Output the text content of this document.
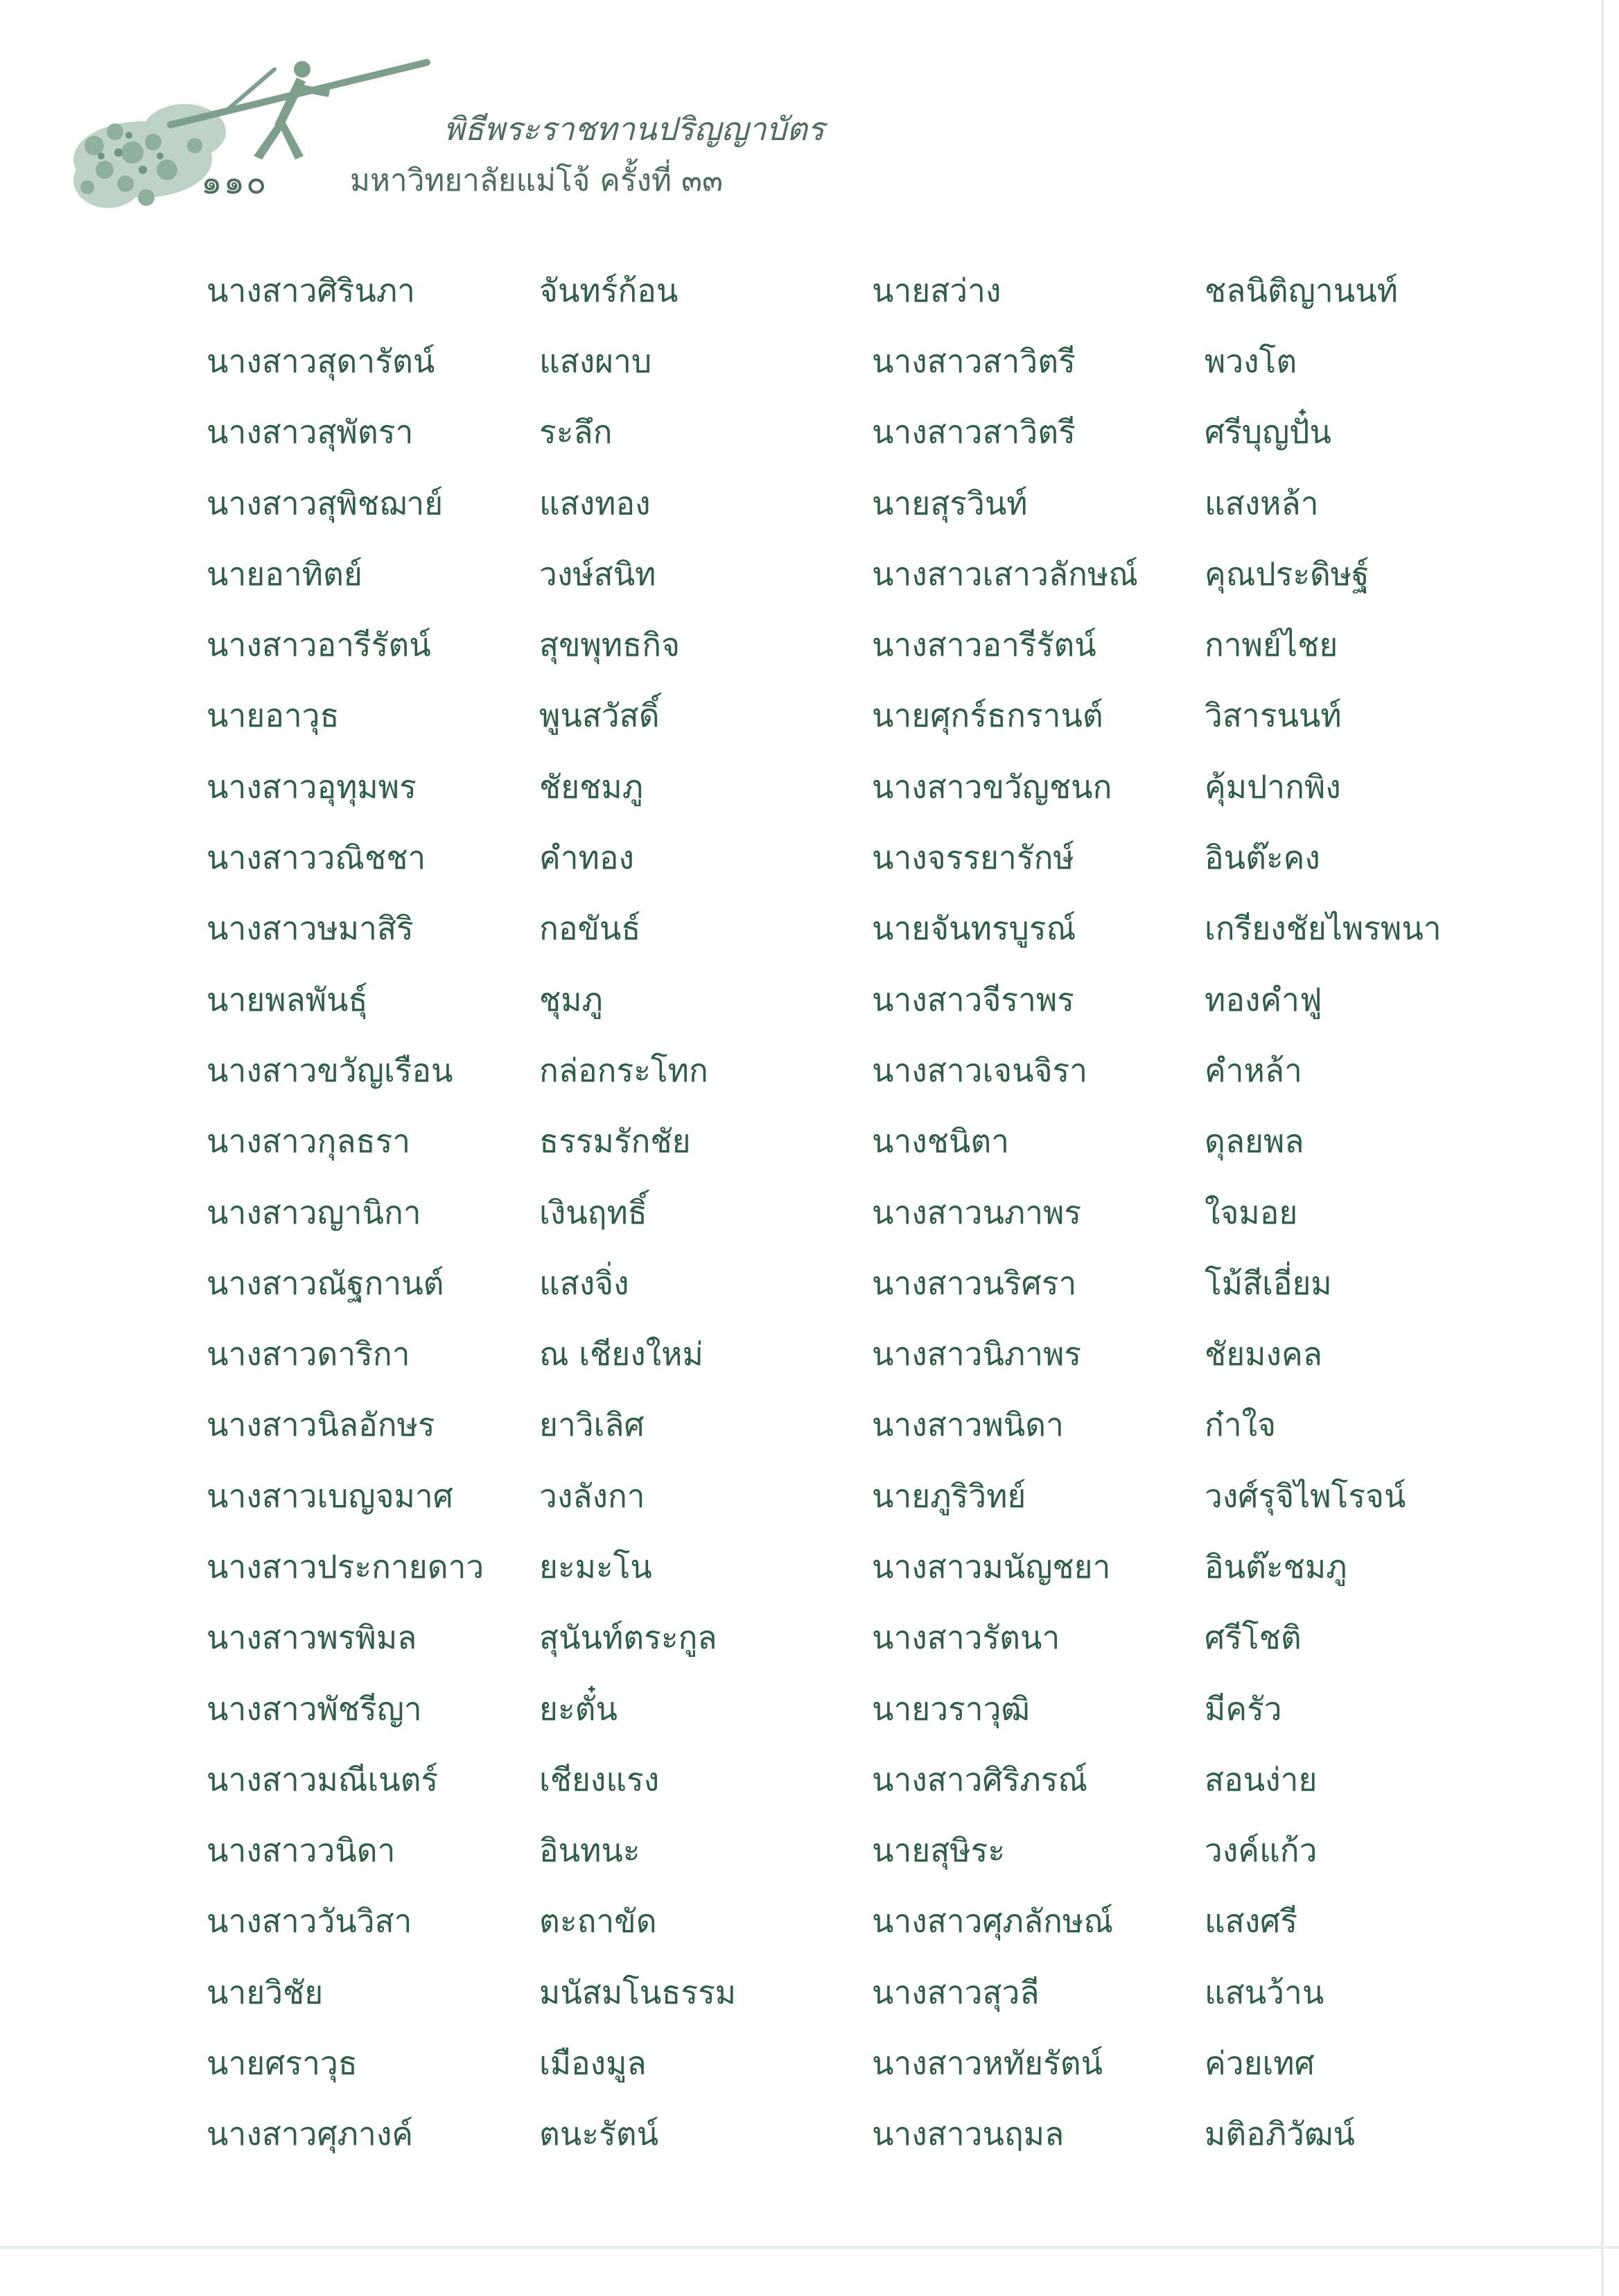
พิธีพระราชทานปริญญาบัตร
๑๑๐	มหาวิทยาลัยแม่โจ้ ครั้งที่ ๓๓
นางสาวศิรินภา	จันทร์ก้อน	นายสว่าง	ชลนิติญานนท์
นางสาวสุดารัตน์	แสงผาบ	นางสาวสาวิตรี	พวงโต
นางสาวสุพัตรา	ระลึก	นางสาวสาวิตรี	ศรีบุญปั๋น
นางสาวสุพิชฌาย์	แสงทอง	นายสุรวินท์	แสงหล้า
นายอาทิตย์	วงษ์สนิท	นางสาวเสาวลักษณ์	คุณประดิษฐ์
นางสาวอารีรัตน์	สุขพุทธกิจ	นางสาวอารีรัตน์	กาพย์ไชย
นายอาวุธ	พูนสวัสดิ์	นายศุกร์ธกรานต์	วิสารนนท์
นางสาวอุทุมพร	ชัยชมภู	นางสาวขวัญชนก	คุ้มปากพิง
นางสาววณิชชา	คำทอง	นางจรรยารักษ์	อินต๊ะคง
นางสาวษมาสิริ	กอขันธ์	นายจันทรบูรณ์	เกรียงชัยไพรพนา
นายพลพันธุ์	ชุมภู	นางสาวจีราพร	ทองคำฟู
นางสาวขวัญเรือน	กล่อกระโทก	นางสาวเจนจิรา	คำหล้า
นางสาวกุลธรา	ธรรมรักชัย	นางชนิตา	ดุลยพล
นางสาวญานิกา	เงินฤทธิ์	นางสาวนภาพร	ใจมอย
นางสาวณัฐกานต์	แสงจิ่ง	นางสาวนริศรา	โม้สีเอี่ยม
นางสาวดาริกา	ณ เชียงใหม่	นางสาวนิภาพร	ชัยมงคล
นางสาวนิลอักษร	ยาวิเลิศ	นางสาวพนิดา	ก๋าใจ
นางสาวเบญจมาศ	วงลังกา	นายภูริวิทย์	วงศ์รุจิไพโรจน์
นางสาวประกายดาว	ยะมะโน	นางสาวมนัญชยา	อินต๊ะชมภู
นางสาวพรพิมล	สุนันท์ตระกูล	นางสาวรัตนา	ศรีโชติ
นางสาวพัชรีญา	ยะตั๋น	นายวราวุฒิ	มีครัว
นางสาวมณีเนตร์	เชียงแรง	นางสาวศิริภรณ์	สอนง่าย
นางสาววนิดา	อินทนะ	นายสุษิระ	วงค์แก้ว
นางสาววันวิสา	ตะถาขัด	นางสาวศุภลักษณ์	แสงศรี
นายวิชัย	มนัสมโนธรรม	นางสาวสุวลี	แสนว้าน
นายศราวุธ	เมืองมูล	นางสาวหทัยรัตน์	ค่วยเทศ
นางสาวศุภางค์	ตนะรัตน์	นางสาวนฤมล	มติอภิวัฒน์
